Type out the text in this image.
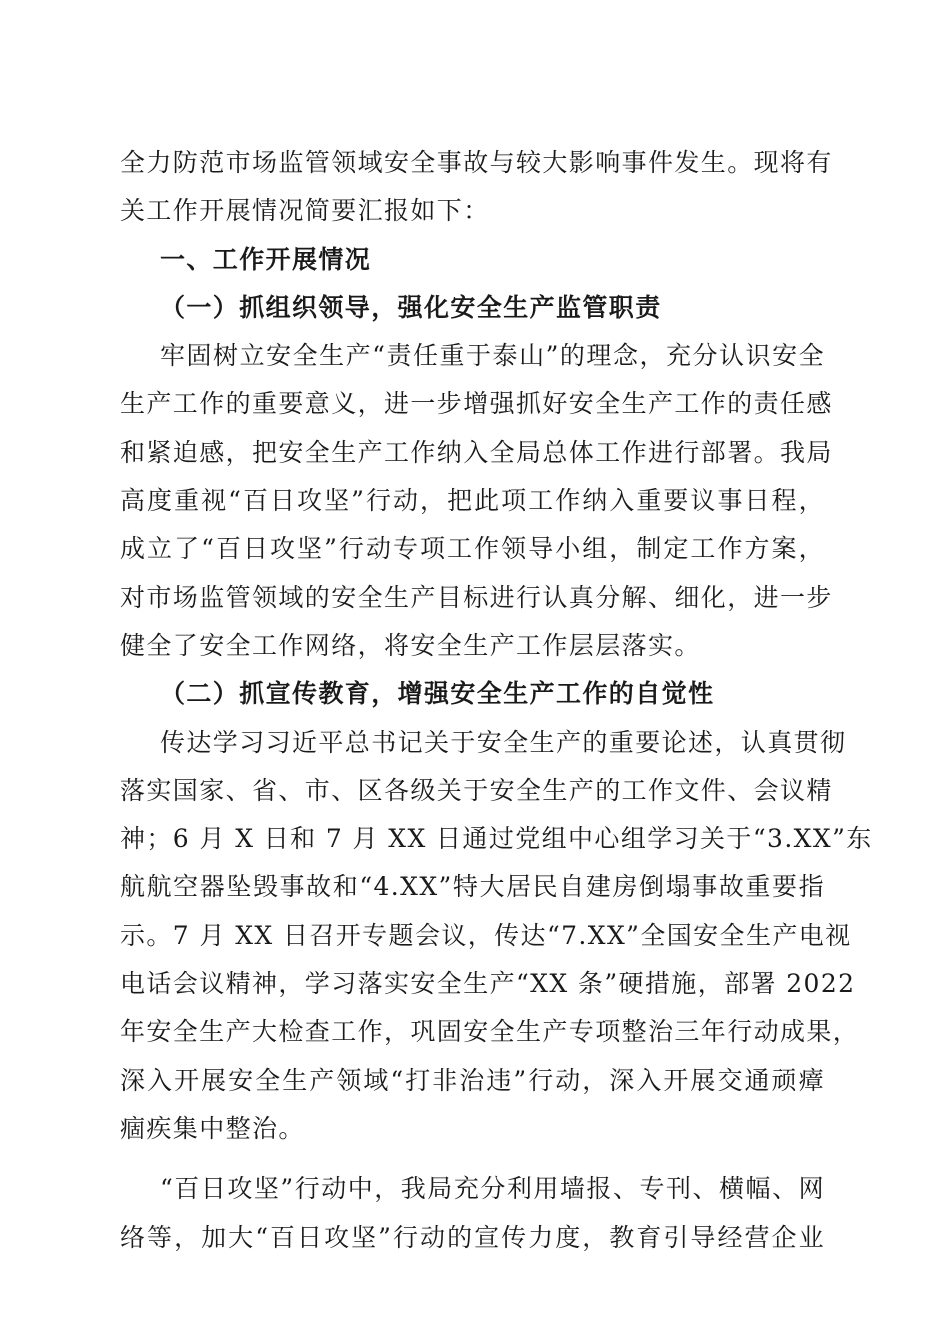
全力防范市场监管领域安全事故与较大影响事件发生。现将有
关工作开展情况简要汇报如下：
一、工作开展情况
（一）抓组织领导，强化安全生产监管职责
牢固树立安全生产“责任重于泰山”的理念，充分认识安全
生产工作的重要意义，进一步增强抓好安全生产工作的责任感
和紧迫感，把安全生产工作纳入全局总体工作进行部署。我局
高度重视“百日攻坚”行动，把此项工作纳入重要议事日程，
成立了“百日攻坚”行动专项工作领导小组，制定工作方案，
对市场监管领域的安全生产目标进行认真分解、细化，进一步
健全了安全工作网络，将安全生产工作层层落实。
（二）抓宣传教育，增强安全生产工作的自觉性
传达学习习近平总书记关于安全生产的重要论述，认真贯彻
落实国家、省、市、区各级关于安全生产的工作文件、会议精
神；6 月 X 日和 7 月 XX 日通过党组中心组学习关于“3.XX”东
航航空器坠毁事故和“4.XX”特大居民自建房倒塌事故重要指
示。7 月 XX 日召开专题会议，传达“7.XX”全国安全生产电视
电话会议精神，学习落实安全生产“XX 条”硬措施，部署 2022
年安全生产大检查工作，巩固安全生产专项整治三年行动成果，
深入开展安全生产领域“打非治违”行动，深入开展交通顽瘴
痼疾集中整治。
“百日攻坚”行动中，我局充分利用墙报、专刊、横幅、网
络等，加大“百日攻坚”行动的宣传力度，教育引导经营企业
